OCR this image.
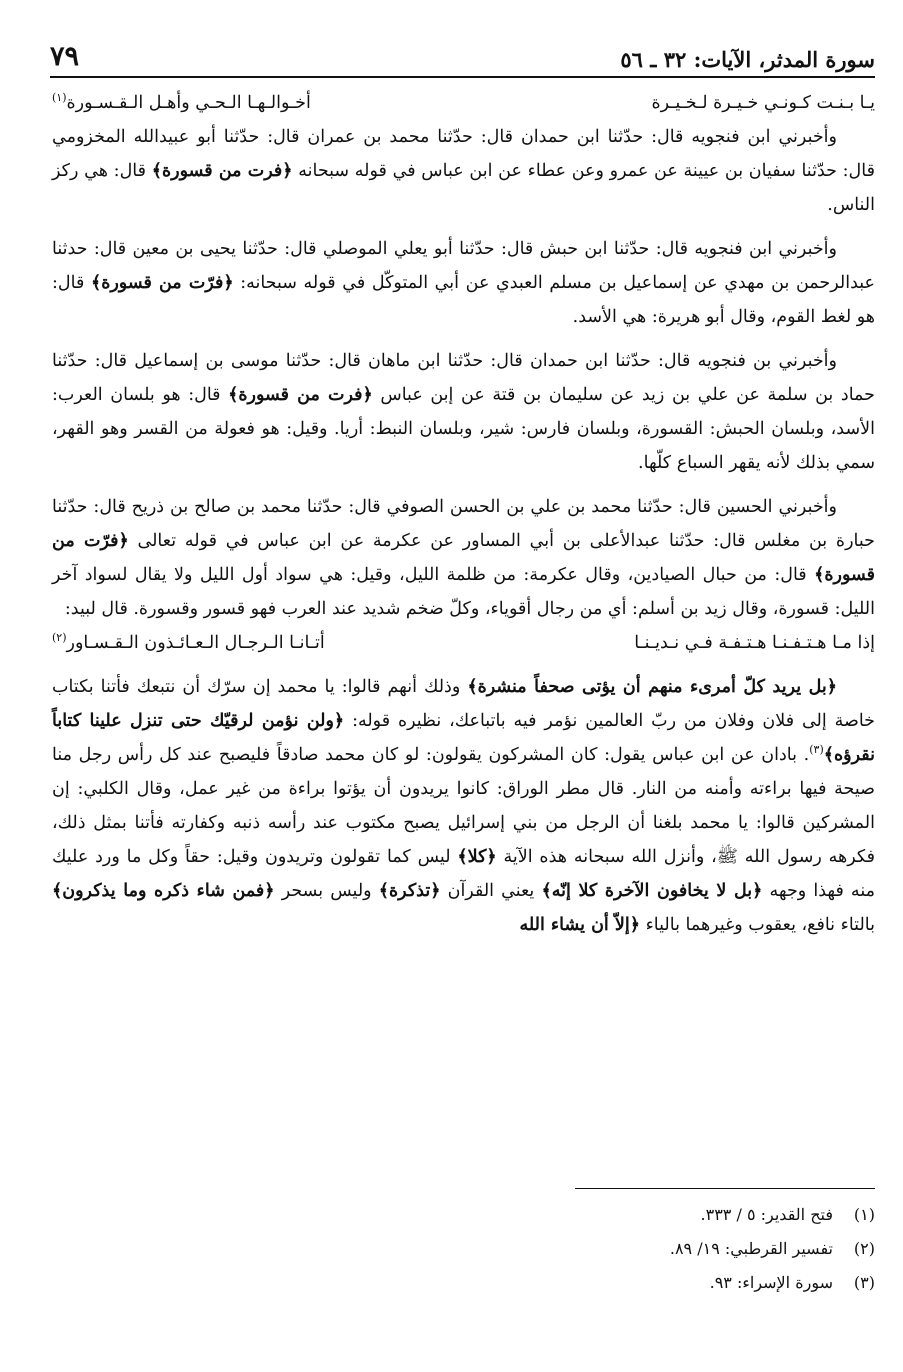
سورة المدثر، الآيات: ٣٢ ـ ٥٦
٧٩
يـا بـنـت كـونـي خـيـرة لـخـيـرة
أخـوالـهـا الـحـي وأهـل الـقـسـورة$^{(١)}$

وأخبرني ابن فنجويه قال: حدّثنا ابن حمدان قال: حدّثنا محمد بن عمران قال: حدّثنا أبو عبيدالله المخزومي قال: حدّثنا سفيان بن عيينة عن عمرو وعن عطاء عن ابن عباس في قوله سبحانه ﴿فرت من قسورة﴾ قال: هي ركز الناس.

وأخبرني ابن فنجويه قال: حدّثنا ابن حبش قال: حدّثنا أبو يعلي الموصلي قال: حدّثنا يحيى بن معين قال: حدثنا عبدالرحمن بن مهدي عن إسماعيل بن مسلم العبدي عن أبي المتوكّل في قوله سبحانه: ﴿فرّت من قسورة﴾ قال: هو لغط القوم، وقال أبو هريرة: هي الأسد.

وأخبرني بن فنجويه قال: حدّثنا ابن حمدان قال: حدّثنا ابن ماهان قال: حدّثنا موسى بن إسماعيل قال: حدّثنا حماد بن سلمة عن علي بن زيد عن سليمان بن قتة عن إبن عباس ﴿فرت من قسورة﴾ قال: هو بلسان العرب: الأسد، وبلسان الحبش: القسورة، وبلسان فارس: شير، وبلسان النبط: أريا. وقيل: هو فعولة من القسر وهو القهر، سمي بذلك لأنه يقهر السباع كلّها.

وأخبرني الحسين قال: حدّثنا محمد بن علي بن الحسن الصوفي قال: حدّثنا محمد بن صالح بن ذريح قال: حدّثنا حبارة بن مغلس قال: حدّثنا عبدالأعلى بن أبي المساور عن عكرمة عن ابن عباس في قوله تعالى ﴿فرّت من قسورة﴾ قال: من حبال الصيادين، وقال عكرمة: من ظلمة الليل، وقيل: هي سواد أول الليل ولا يقال لسواد آخر الليل: قسورة، وقال زيد بن أسلم: أي من رجال أقوياء، وكلّ ضخم شديد عند العرب فهو قسور وقسورة. قال لبيد:

إذا مـا هـتـفـنـا هـتـفـة فـي نـديـنـا
أتـانـا الـرجـال الـعـائـذون الـقـسـاور$^{(٢)}$

﴿بل يريد كلّ أمرىء منهم أن يؤتى صحفاً منشرة﴾ وذلك أنهم قالوا: يا محمد إن سرّك أن نتبعك فأتنا بكتاب خاصة إلى فلان وفلان من ربّ العالمين نؤمر فيه باتباعك، نظيره قوله: ﴿ولن نؤمن لرقيّك حتى تنزل علينا كتاباً نقرؤه﴾$^{(٣)}$. بادان عن ابن عباس يقول: كان المشركون يقولون: لو كان محمد صادقاً فليصبح عند كل رأس رجل منا صيحة فيها براءته وأمنه من النار. قال مطر الوراق: كانوا يريدون أن يؤتوا براءة من غير عمل، وقال الكلبي: إن المشركين قالوا: يا محمد بلغنا أن الرجل من بني إسرائيل يصبح مكتوب عند رأسه ذنبه وكفارته فأتنا بمثل ذلك، فكرهه رسول الله ﷺ، وأنزل الله سبحانه هذه الآية ﴿كلا﴾ ليس كما تقولون وتريدون وقيل: حقاً وكل ما ورد عليك منه فهذا وجهه ﴿بل لا يخافون الآخرة كلا إنّه﴾ يعني القرآن ﴿تذكرة﴾ وليس بسحر ﴿فمن شاء ذكره وما يذكرون﴾ بالتاء نافع، يعقوب وغيرهما بالياء ﴿إلاّ أن يشاء الله

(١)
فتح القدير: ٥ / ٣٣٣.
(٢)
تفسير القرطبي: ١٩/ ٨٩.
(٣)
سورة الإسراء: ٩٣.
